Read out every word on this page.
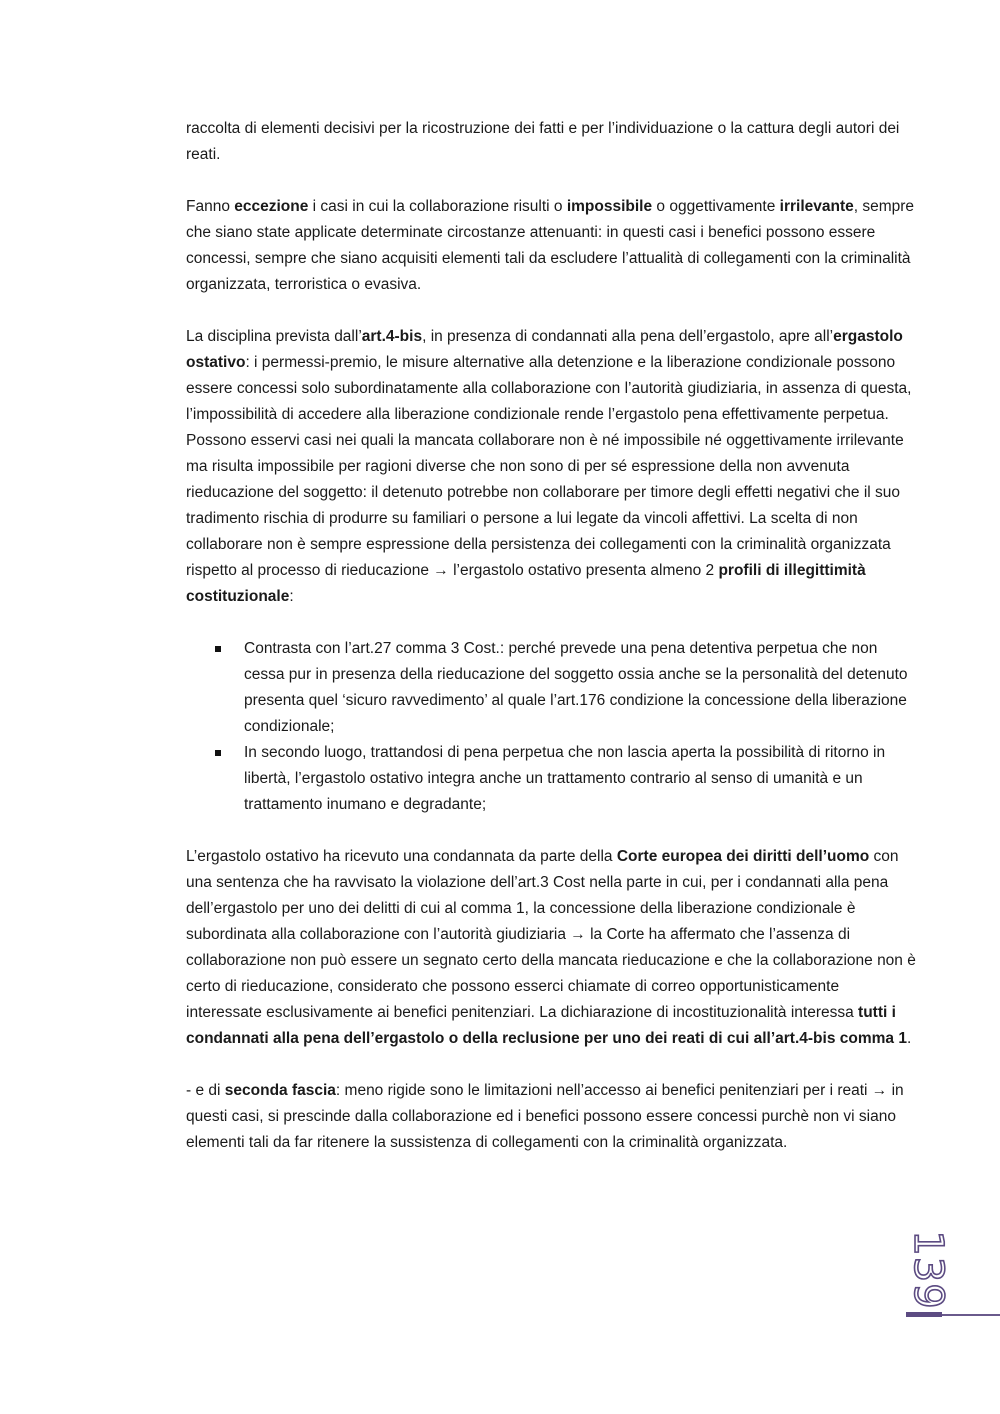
raccolta di elementi decisivi per la ricostruzione dei fatti e per l’individuazione o la cattura degli autori dei reati.

Fanno eccezione i casi in cui la collaborazione risulti o impossibile o oggettivamente irrilevante, sempre che siano state applicate determinate circostanze attenuanti: in questi casi i benefici possono essere concessi, sempre che siano acquisiti elementi tali da escludere l’attualità di collegamenti con la criminalità organizzata, terroristica o evasiva.

La disciplina prevista dall’art.4-bis, in presenza di condannati alla pena dell’ergastolo, apre all’ergastolo ostativo: i permessi-premio, le misure alternative alla detenzione e la liberazione condizionale possono essere concessi solo subordinatamente alla collaborazione con l’autorità giudiziaria, in assenza di questa, l’impossibilità di accedere alla liberazione condizionale rende l’ergastolo pena effettivamente perpetua. Possono esservi casi nei quali la mancata collaborare non è né impossibile né oggettivamente irrilevante ma risulta impossibile per ragioni diverse che non sono di per sé espressione della non avvenuta rieducazione del soggetto: il detenuto potrebbe non collaborare per timore degli effetti negativi che il suo tradimento rischia di produrre su familiari o persone a lui legate da vincoli affettivi. La scelta di non collaborare non è sempre espressione della persistenza dei collegamenti con la criminalità organizzata rispetto al processo di rieducazione → l’ergastolo ostativo presenta almeno 2 profili di illegittimità costituzionale:

Contrasta con l’art.27 comma 3 Cost.: perché prevede una pena detentiva perpetua che non cessa pur in presenza della rieducazione del soggetto ossia anche se la personalità del detenuto presenta quel ‘sicuro ravvedimento’ al quale l’art.176 condizione la concessione della liberazione condizionale;
In secondo luogo, trattandosi di pena perpetua che non lascia aperta la possibilità di ritorno in libertà, l’ergastolo ostativo integra anche un trattamento contrario al senso di umanità e un trattamento inumano e degradante;

L’ergastolo ostativo ha ricevuto una condannata da parte della Corte europea dei diritti dell’uomo con una sentenza che ha ravvisato la violazione dell’art.3 Cost nella parte in cui, per i condannati alla pena dell’ergastolo per uno dei delitti di cui al comma 1, la concessione della liberazione condizionale è subordinata alla collaborazione con l’autorità giudiziaria → la Corte ha affermato che l’assenza di collaborazione non può essere un segnato certo della mancata rieducazione e che la collaborazione non è certo di rieducazione, considerato che possono esserci chiamate di correo opportunisticamente interessate esclusivamente ai benefici penitenziari. La dichiarazione di incostituzionalità interessa tutti i condannati alla pena dell’ergastolo o della reclusione per uno dei reati di cui all’art.4-bis comma 1.

- e di seconda fascia: meno rigide sono le limitazioni nell’accesso ai benefici penitenziari per i reati → in questi casi, si prescinde dalla collaborazione ed i benefici possono essere concessi purchè non vi siano elementi tali da far ritenere la sussistenza di collegamenti con la criminalità organizzata.

139
